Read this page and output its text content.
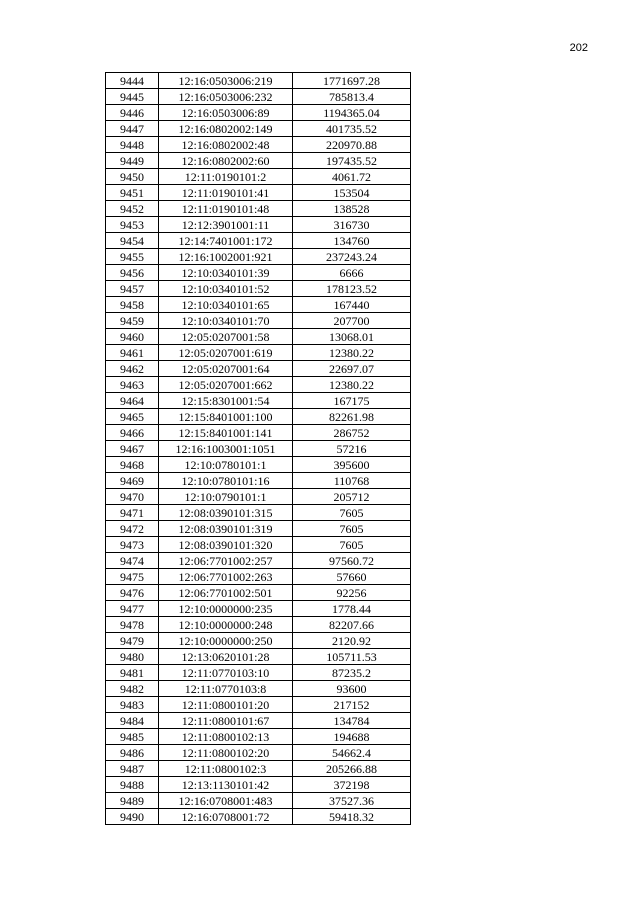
202
9444	12:16:0503006:219	1771697.28
9445	12:16:0503006:232	785813.4
9446	12:16:0503006:89	1194365.04
9447	12:16:0802002:149	401735.52
9448	12:16:0802002:48	220970.88
9449	12:16:0802002:60	197435.52
9450	12:11:0190101:2	4061.72
9451	12:11:0190101:41	153504
9452	12:11:0190101:48	138528
9453	12:12:3901001:11	316730
9454	12:14:7401001:172	134760
9455	12:16:1002001:921	237243.24
9456	12:10:0340101:39	6666
9457	12:10:0340101:52	178123.52
9458	12:10:0340101:65	167440
9459	12:10:0340101:70	207700
9460	12:05:0207001:58	13068.01
9461	12:05:0207001:619	12380.22
9462	12:05:0207001:64	22697.07
9463	12:05:0207001:662	12380.22
9464	12:15:8301001:54	167175
9465	12:15:8401001:100	82261.98
9466	12:15:8401001:141	286752
9467	12:16:1003001:1051	57216
9468	12:10:0780101:1	395600
9469	12:10:0780101:16	110768
9470	12:10:0790101:1	205712
9471	12:08:0390101:315	7605
9472	12:08:0390101:319	7605
9473	12:08:0390101:320	7605
9474	12:06:7701002:257	97560.72
9475	12:06:7701002:263	57660
9476	12:06:7701002:501	92256
9477	12:10:0000000:235	1778.44
9478	12:10:0000000:248	82207.66
9479	12:10:0000000:250	2120.92
9480	12:13:0620101:28	105711.53
9481	12:11:0770103:10	87235.2
9482	12:11:0770103:8	93600
9483	12:11:0800101:20	217152
9484	12:11:0800101:67	134784
9485	12:11:0800102:13	194688
9486	12:11:0800102:20	54662.4
9487	12:11:0800102:3	205266.88
9488	12:13:1130101:42	372198
9489	12:16:0708001:483	37527.36
9490	12:16:0708001:72	59418.32
